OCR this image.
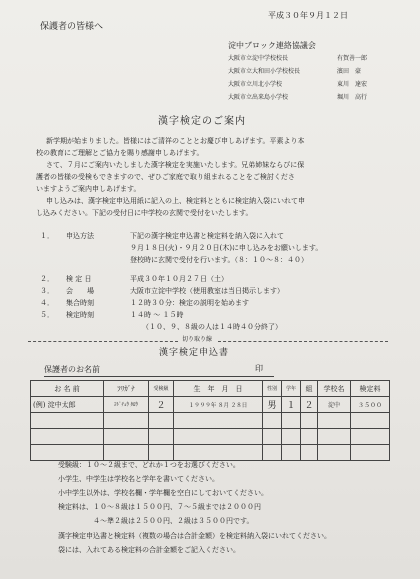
平成３０年９月１２日
保護者の皆様へ
淀中ブロック連絡協議会
大阪市立淀中学校校長	有賀善一郎
大阪市立大和田小学校校長	濱田　豪
大阪市立川北小学校	東川　達宏
大阪市立出来島小学校	堀川　高行
漢字検定のご案内
新学期が始まりました。皆様にはご清祥のこととお慶び申しあげます。平素より本
校の教育にご理解とご協力を賜り感謝申しあげます。
さて、７月にご案内いたしました漢字検定を実施いたします。兄弟姉妹ならびに保
護者の皆様の受検もできますので、ぜひご家庭で取り組まれることをご検討くださ
いますようご案内申しあげます。
申し込みは、漢字検定申込用紙に記入の上、検定料とともに検定納入袋にいれて申
し込みください。下記の受付日に中学校の玄関で受付をいたします。
１． 申込方法	下記の漢字検定申込書と検定料を納入袋に入れて
９月１８日(火)・９月２０日(木)に申し込みをお願いします。
登校時に玄関で受付を行います。（８：１０～８：４０）
２． 検 定 日	平成３０年１０月２７日（土）
３． 会　　場	大阪市立淀中学校（使用教室は当日掲示します）
４． 集合時刻	１２時３０分：検定の説明を始めます
５． 検定時刻	１４時 ～ １５時
（１０、９、８級の人は１４時４０分終了）
切り取り線
漢字検定申込書
保護者のお名前	印
お 名 前	ﾌﾘｶﾞﾅ	受検級	生　年　月　日	性別	学年	組	学校名	検定料
(例) 淀中太郎	ﾖﾄﾞﾁｭｳ ﾀﾛｳ	２	１９９９年 ８月 ２８日	男	１	２	淀中	３５００

受験級：１０～２級まで、どれか１つをお選びください。
小学生、中学生は学校名と学年を書いてください。
小中学生以外は、学校名欄・学年欄を空白にしておいてください。
検定料は、１０～８級は１５００円、７～５級までは２０００円
　　　　　４～準２級は２５００円、２級は３５００円です。
漢字検定申込書と検定料（複数の場合は合計金額）を検定料納入袋にいれてください。
袋には、入れてある検定料の合計金額をご記入ください。
